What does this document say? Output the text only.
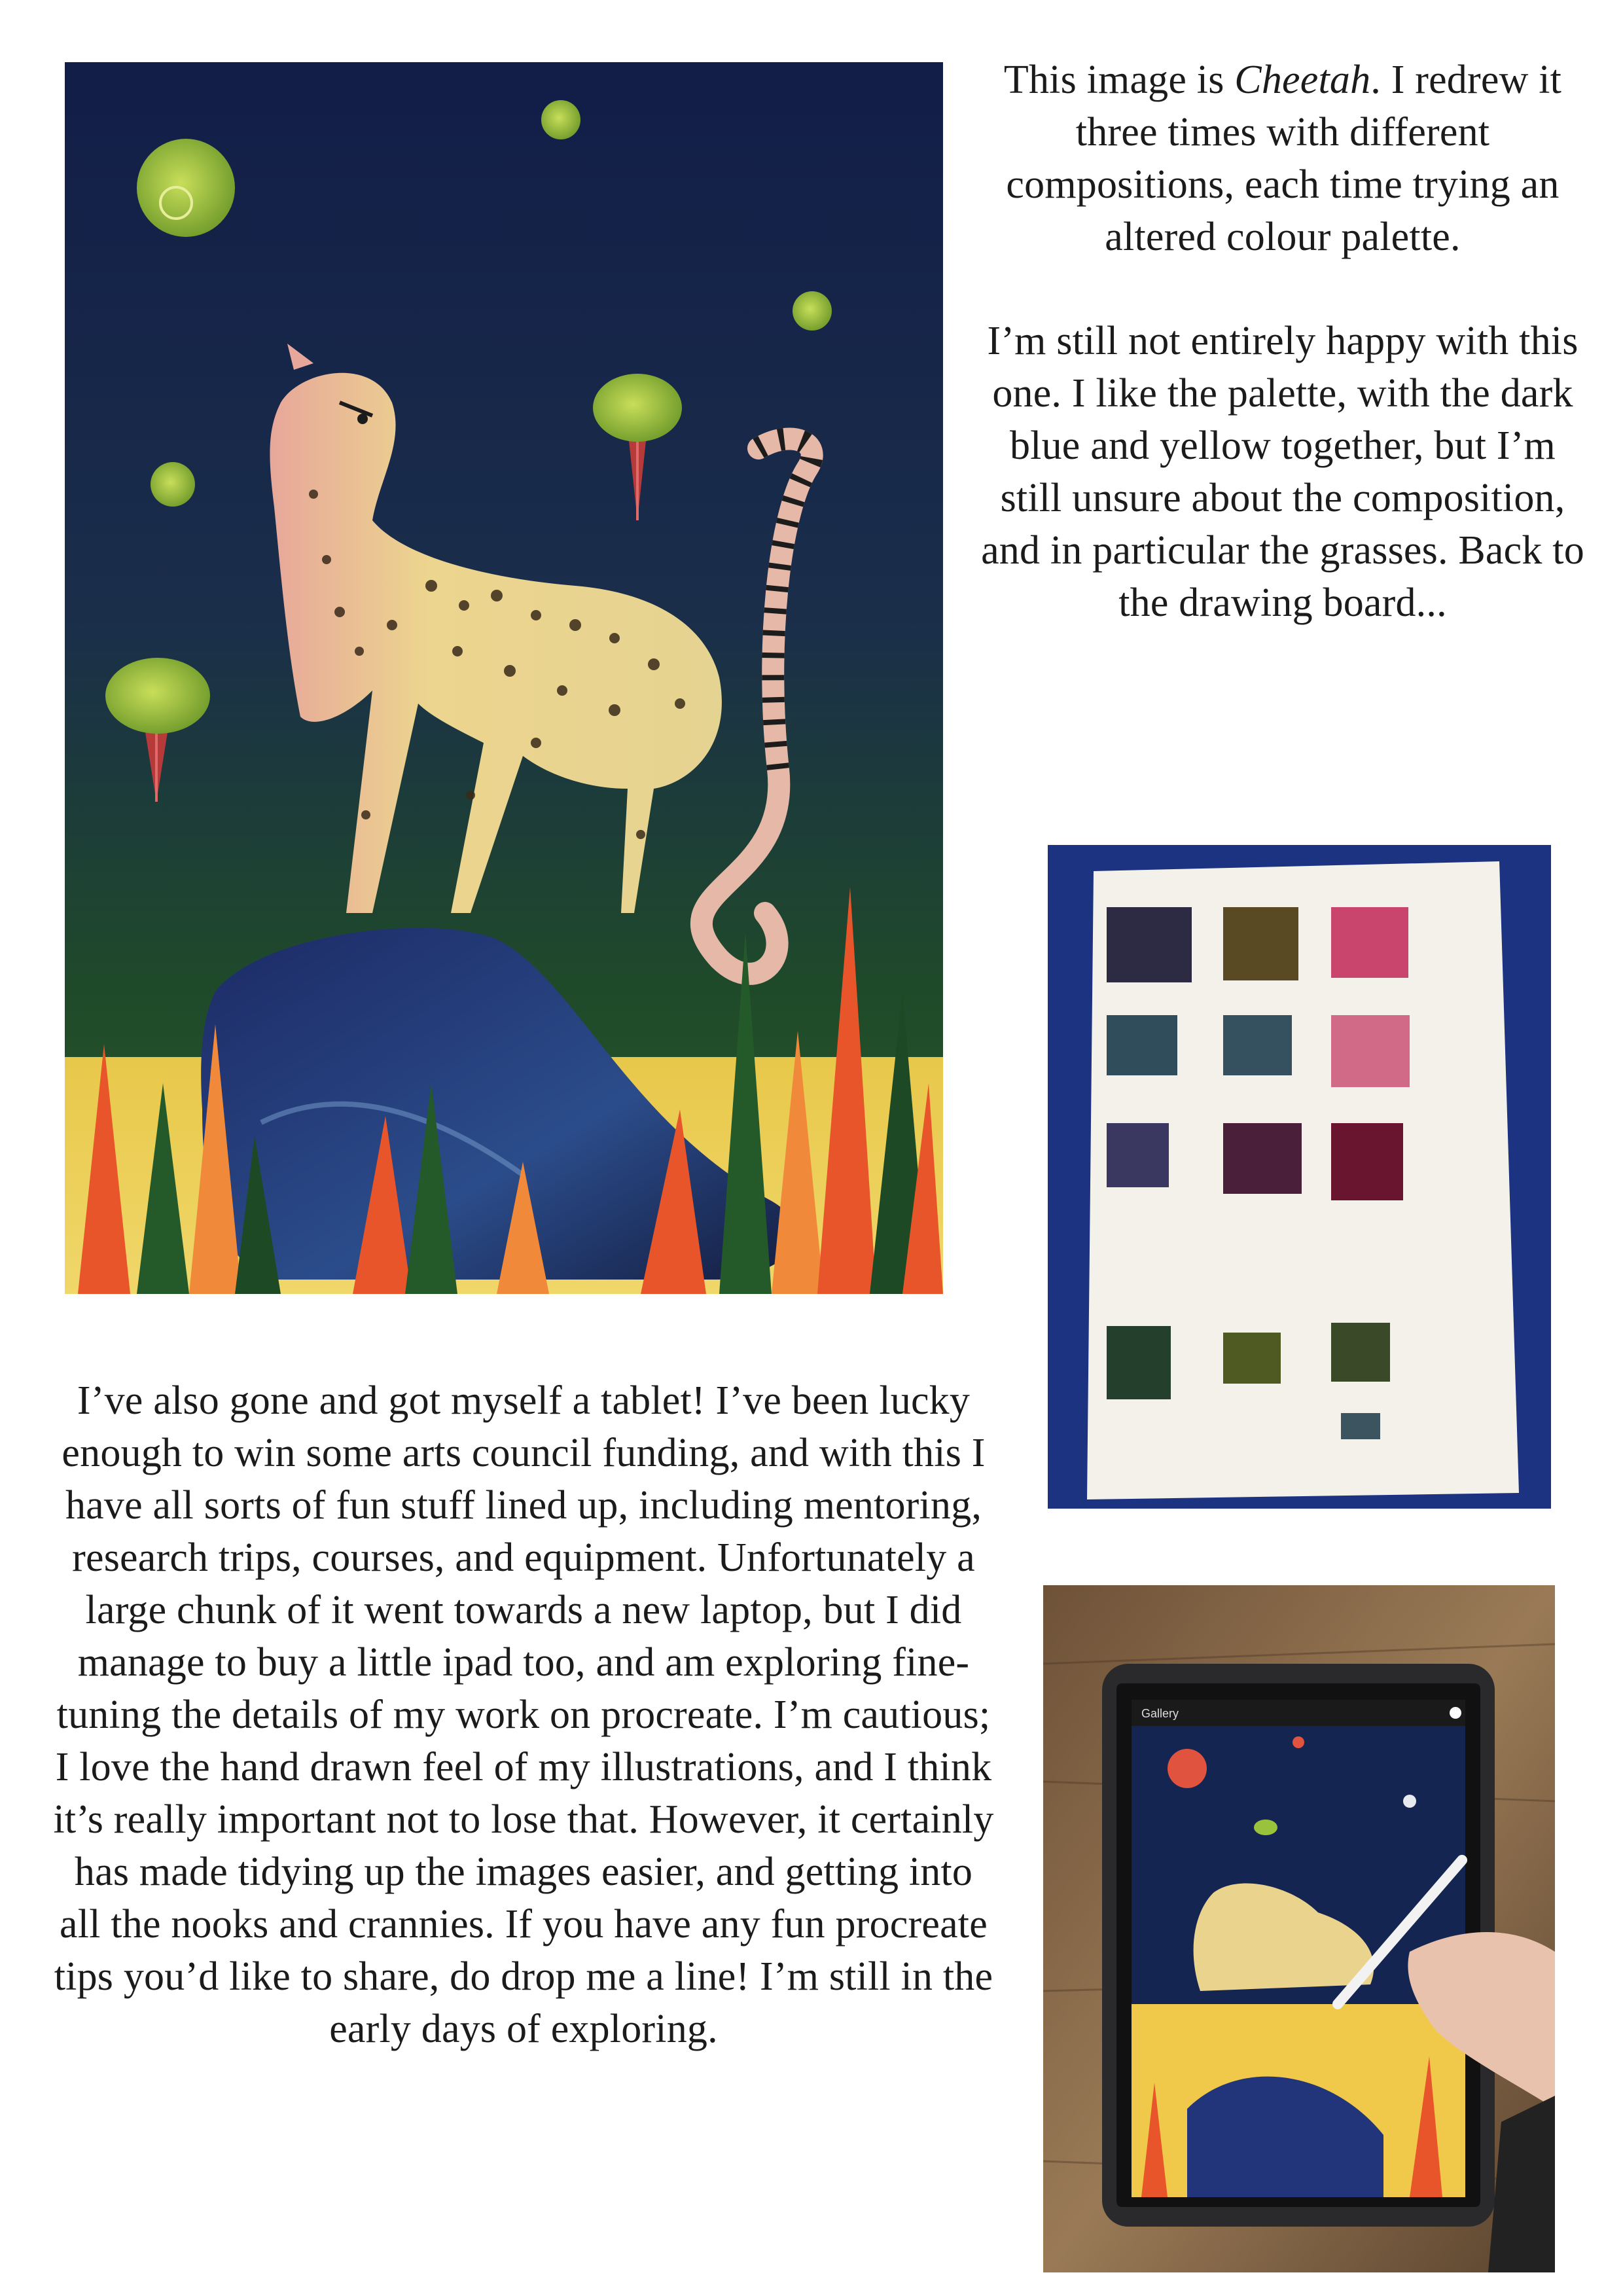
This image is Cheetah. I redrew it three times with different compositions, each time trying an altered colour palette.

I’m still not entirely happy with this one. I like the palette, with the dark blue and yellow together, but I’m still unsure about the composition, and in particular the grasses. Back to the drawing board...

Gallery

I’ve also gone and got myself a tablet! I’ve been lucky enough to win some arts council funding, and with this I have all sorts of fun stuff lined up, including mentoring, research trips, courses, and equipment. Unfortunately a large chunk of it went towards a new laptop, but I did manage to buy a little ipad too, and am exploring fine-tuning the details of my work on procreate. I’m cautious; I love the hand drawn feel of my illustrations, and I think it’s really important not to lose that. However, it certainly has made tidying up the images easier, and getting into all the nooks and crannies. If you have any fun procreate tips you’d like to share, do drop me a line! I’m still in the early days of exploring.
